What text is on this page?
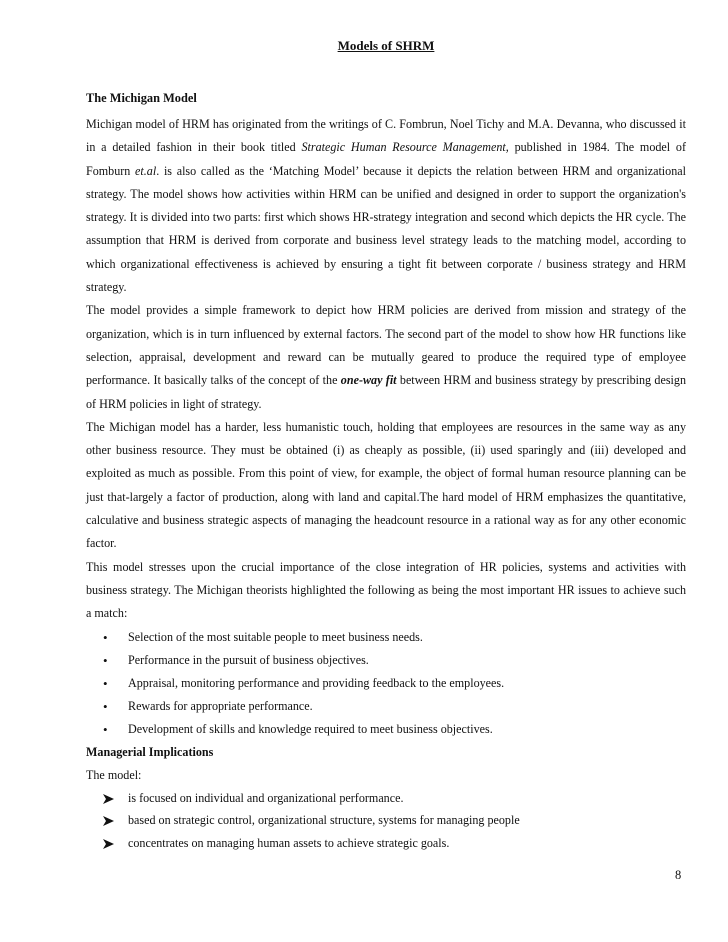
Models of SHRM
The Michigan Model

Michigan model of HRM has originated from the writings of C. Fombrun, Noel Tichy and M.A. Devanna, who discussed it in a detailed fashion in their book titled Strategic Human Resource Management, published in 1984. The model of Fomburn et.al. is also called as the ‘Matching Model’ because it depicts the relation between HRM and organizational strategy. The model shows how activities within HRM can be unified and designed in order to support the organization's strategy. It is divided into two parts: first which shows HR-strategy integration and second which depicts the HR cycle. The assumption that HRM is derived from corporate and business level strategy leads to the matching model, according to which organizational effectiveness is achieved by ensuring a tight fit between corporate / business strategy and HRM strategy.

The model provides a simple framework to depict how HRM policies are derived from mission and strategy of the organization, which is in turn influenced by external factors. The second part of the model to show how HR functions like selection, appraisal, development and reward can be mutually geared to produce the required type of employee performance. It basically talks of the concept of the one-way fit between HRM and business strategy by prescribing design of HRM policies in light of strategy.

The Michigan model has a harder, less humanistic touch, holding that employees are resources in the same way as any other business resource. They must be obtained (i) as cheaply as possible, (ii) used sparingly and (iii) developed and exploited as much as possible. From this point of view, for example, the object of formal human resource planning can be just that-largely a factor of production, along with land and capital.The hard model of HRM emphasizes the quantitative, calculative and business strategic aspects of managing the headcount resource in a rational way as for any other economic factor.

This model stresses upon the crucial importance of the close integration of HR policies, systems and activities with business strategy. The Michigan theorists highlighted the following as being the most important HR issues to achieve such a match:

• Selection of the most suitable people to meet business needs.
• Performance in the pursuit of business objectives.
• Appraisal, monitoring performance and providing feedback to the employees.
• Rewards for appropriate performance.
• Development of skills and knowledge required to meet business objectives.
Managerial Implications
The model:
is focused on individual and organizational performance.
based on strategic control, organizational structure, systems for managing people
concentrates on managing human assets to achieve strategic goals.
8
